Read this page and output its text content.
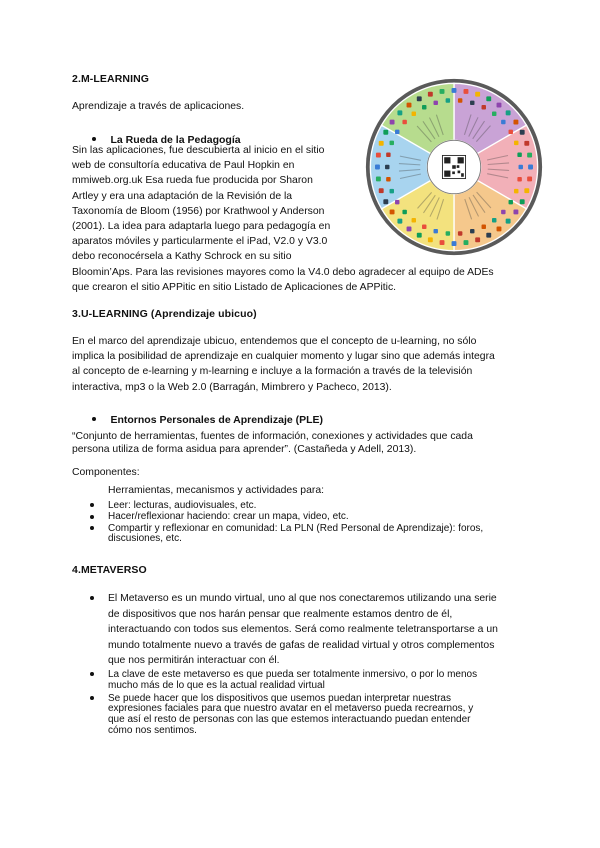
2.M-LEARNING
Aprendizaje a través de aplicaciones.
La Rueda de la Pedagogía
Sin las aplicaciones, fue descubierta al inicio en el sitio
web de consultoría educativa de Paul Hopkin en
mmiweb.org.uk Esa rueda fue producida por Sharon
Artley y era una adaptación de la Revisión de la
Taxonomía de Bloom (1956) por Krathwool y Anderson
(2001). La idea para adaptarla luego para pedagogía en
aparatos móviles y particularmente el iPad, V2.0 y V3.0
debo reconocérsela a Kathy Schrock en su sitio
Bloomin’Aps. Para las revisiones mayores como la V4.0 debo agradecer al equipo de ADEs
que crearon el sitio APPitic en sitio Listado de Aplicaciones de APPitic.
3.U-LEARNING (Aprendizaje ubicuo)
En el marco del aprendizaje ubicuo, entendemos que el concepto de u-learning, no sólo
implica la posibilidad de aprendizaje en cualquier momento y lugar sino que además integra
al concepto de e-learning y m-learning e incluye a la formación a través de la televisión
interactiva, mp3 o la Web 2.0 (Barragán, Mimbrero y Pacheco, 2013).
Entornos Personales de Aprendizaje (PLE)
“Conjunto de herramientas, fuentes de información, conexiones y actividades que cada
persona utiliza de forma asidua para aprender”. (Castañeda y Adell, 2013).
Componentes:
Herramientas, mecanismos y actividades para:
Leer: lecturas, audiovisuales, etc.
Hacer/reflexionar haciendo: crear un mapa, video, etc.
Compartir y reflexionar en comunidad: La PLN (Red Personal de Aprendizaje): foros,
discusiones, etc.
4.METAVERSO
El Metaverso es un mundo virtual, uno al que nos conectaremos utilizando una serie
de dispositivos que nos harán pensar que realmente estamos dentro de él,
interactuando con todos sus elementos. Será como realmente teletransportarse a un
mundo totalmente nuevo a través de gafas de realidad virtual y otros complementos
que nos permitirán interactuar con él.
La clave de este metaverso es que pueda ser totalmente inmersivo, o por lo menos
mucho más de lo que es la actual realidad virtual
Se puede hacer que los dispositivos que usemos puedan interpretar nuestras
expresiones faciales para que nuestro avatar en el metaverso pueda recrearnos, y
que así el resto de personas con las que estemos interactuando puedan entender
cómo nos sentimos.
